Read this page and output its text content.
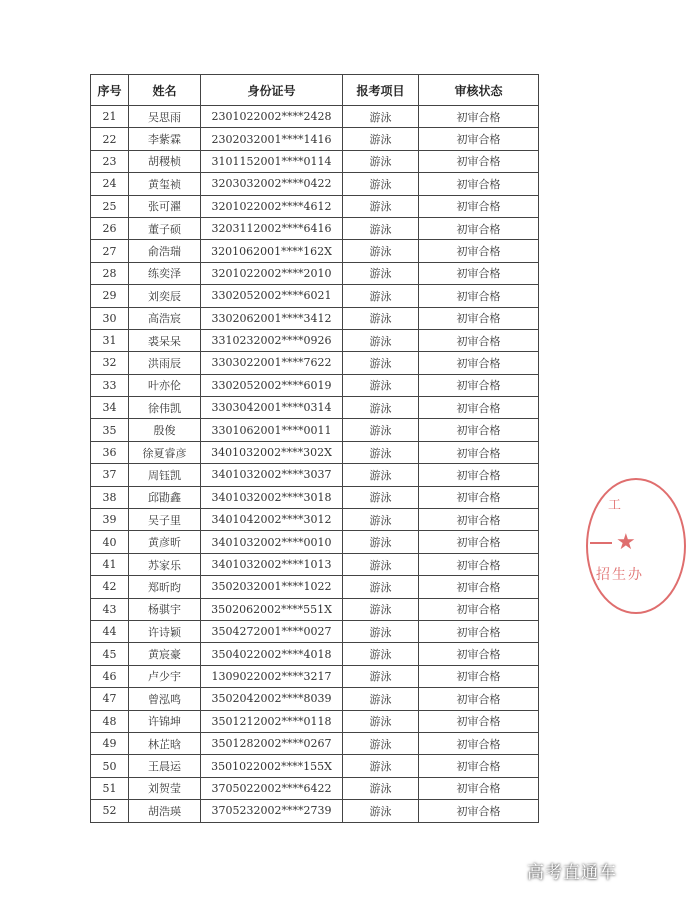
序号	姓名	身份证号	报考项目	审核状态
21	吴思雨	2301022002****2428	游泳	初审合格
22	李紫霖	2302032001****1416	游泳	初审合格
23	胡稷桢	3101152001****0114	游泳	初审合格
24	黄玺祯	3203032002****0422	游泳	初审合格
25	张可濯	3201022002****4612	游泳	初审合格
26	董子硕	3203112002****6416	游泳	初审合格
27	俞浩瑞	3201062001****162X	游泳	初审合格
28	练奕泽	3201022002****2010	游泳	初审合格
29	刘奕辰	3302052002****6021	游泳	初审合格
30	高浩宸	3302062001****3412	游泳	初审合格
31	裘呆呆	3310232002****0926	游泳	初审合格
32	洪雨辰	3303022001****7622	游泳	初审合格
33	叶亦伦	3302052002****6019	游泳	初审合格
34	徐伟凯	3303042001****0314	游泳	初审合格
35	殷俊	3301062001****0011	游泳	初审合格
36	徐夏睿彦	3401032002****302X	游泳	初审合格
37	周钰凯	3401032002****3037	游泳	初审合格
38	邱勖鑫	3401032002****3018	游泳	初审合格
39	吴子里	3401042002****3012	游泳	初审合格
40	黄彦昕	3401032002****0010	游泳	初审合格
41	苏家乐	3401032002****1013	游泳	初审合格
42	郑昕昀	3502032001****1022	游泳	初审合格
43	杨骐宇	3502062002****551X	游泳	初审合格
44	许诗颖	3504272001****0027	游泳	初审合格
45	黄宸豪	3504022002****4018	游泳	初审合格
46	卢少宇	1309022002****3217	游泳	初审合格
47	曾泓鸣	3502042002****8039	游泳	初审合格
48	许锦坤	3501212002****0118	游泳	初审合格
49	林芷晗	3501282002****0267	游泳	初审合格
50	王晨运	3501022002****155X	游泳	初审合格
51	刘贺莹	3705022002****6422	游泳	初审合格
52	胡浩瑛	3705232002****2739	游泳	初审合格
工
★
招生办
高考直通车
